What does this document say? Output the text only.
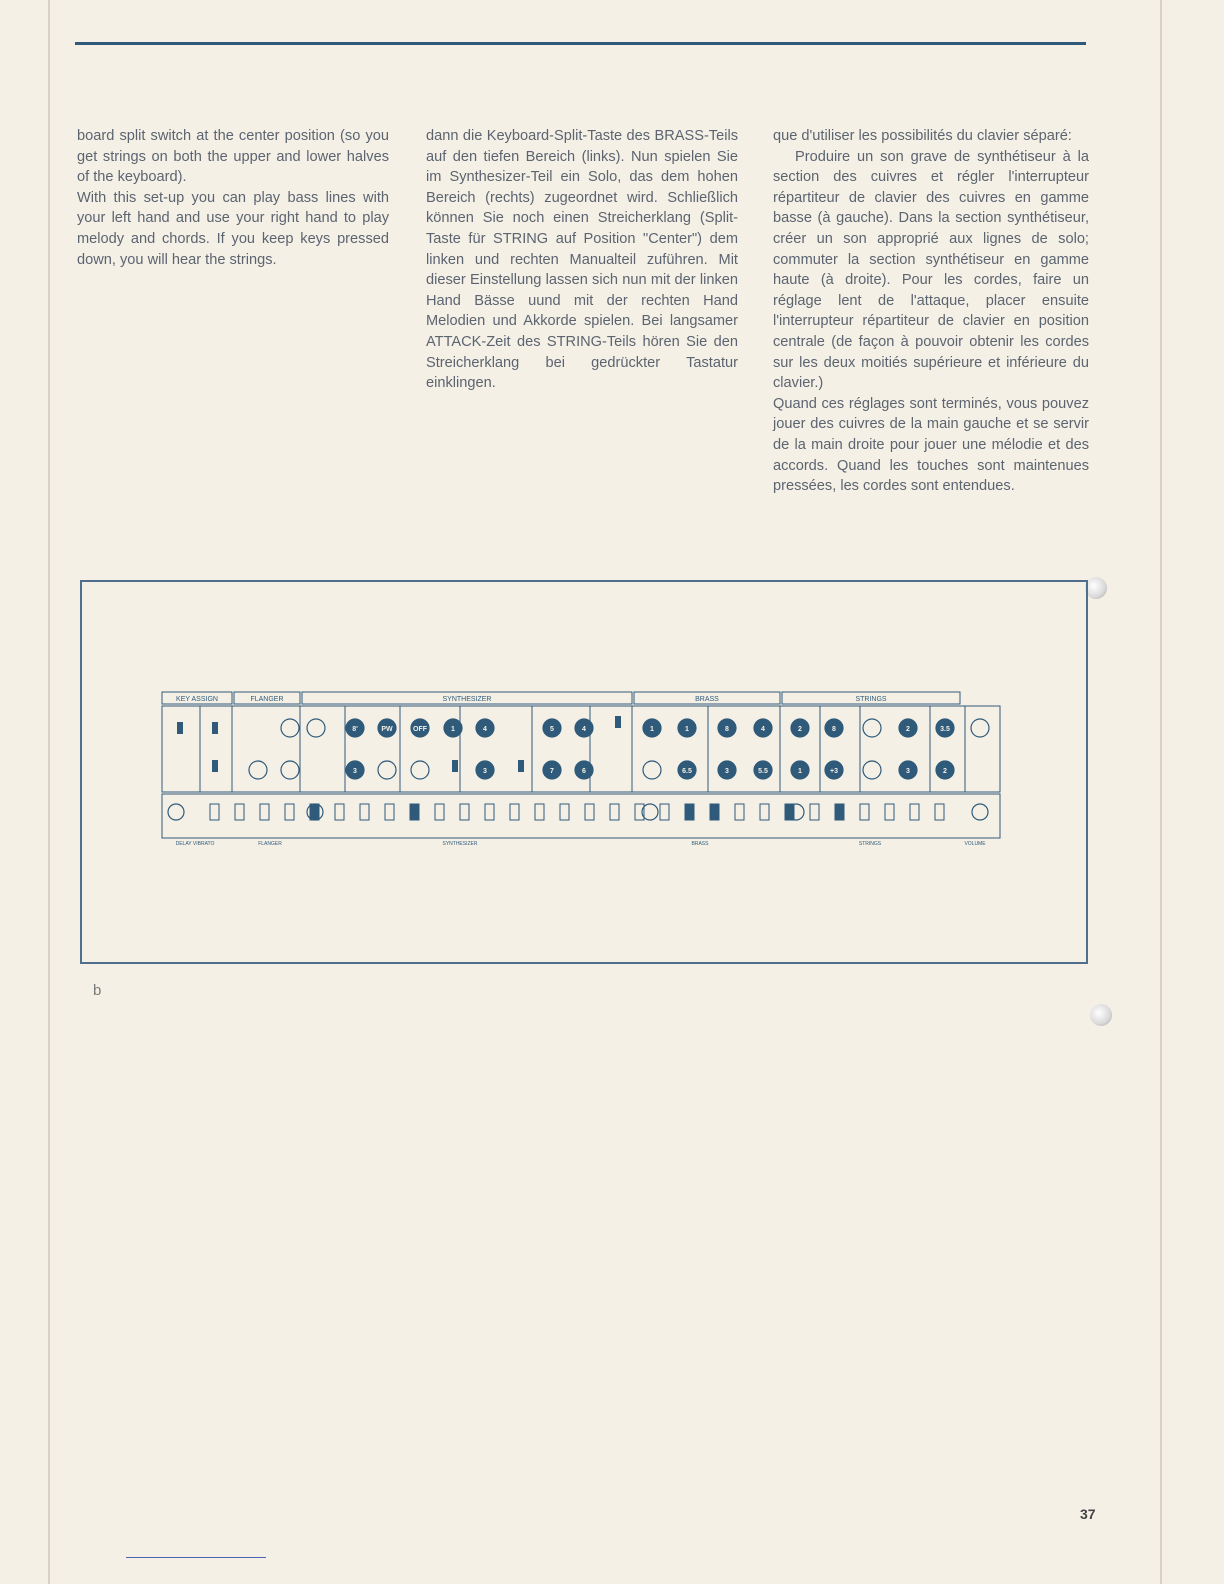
board split switch at the center position (so you get strings on both the upper and lower halves of the keyboard).

With this set-up you can play bass lines with your left hand and use your right hand to play melody and chords. If you keep keys pressed down, you will hear the strings.

dann die Keyboard-Split-Taste des BRASS-Teils auf den tiefen Bereich (links). Nun spielen Sie im Synthesizer-Teil ein Solo, das dem hohen Bereich (rechts) zugeordnet wird. Schließlich können Sie noch einen Streicherklang (Split-Taste für STRING auf Position "Center") dem linken und rechten Manualteil zuführen. Mit dieser Einstellung lassen sich nun mit der linken Hand Bässe uund mit der rechten Hand Melodien und Akkorde spielen. Bei langsamer ATTACK-Zeit des STRING-Teils hören Sie den Streicherklang bei gedrückter Tastatur einklingen.

que d'utiliser les possibilités du clavier séparé:

Produire un son grave de synthétiseur à la section des cuivres et régler l'interrupteur répartiteur de clavier des cuivres en gamme basse (à gauche). Dans la section synthétiseur, créer un son approprié aux lignes de solo; commuter la section synthétiseur en gamme haute (à droite). Pour les cordes, faire un réglage lent de l'attaque, placer ensuite l'interrupteur répartiteur de clavier en position centrale (de façon à pouvoir obtenir les cordes sur les deux moitiés supérieure et inférieure du clavier.)

Quand ces réglages sont terminés, vous pouvez jouer des cuivres de la main gauche et se servir de la main droite pour jouer une mélodie et des accords. Quand les touches sont maintenues pressées, les cordes sont entendues.

b
KEY ASSIGN	FLANGER	SYNTHESIZER	BRASS	STRINGS
8'	PW	OFF	1	4	5	4	1	1	8	4	2	8	2	3.5
3	3	7	6	6.5	3	5.5	1	+3	3	2
DELAY VIBRATO	FLANGER	SYNTHESIZER	BRASS	STRINGS	VOLUME
37
